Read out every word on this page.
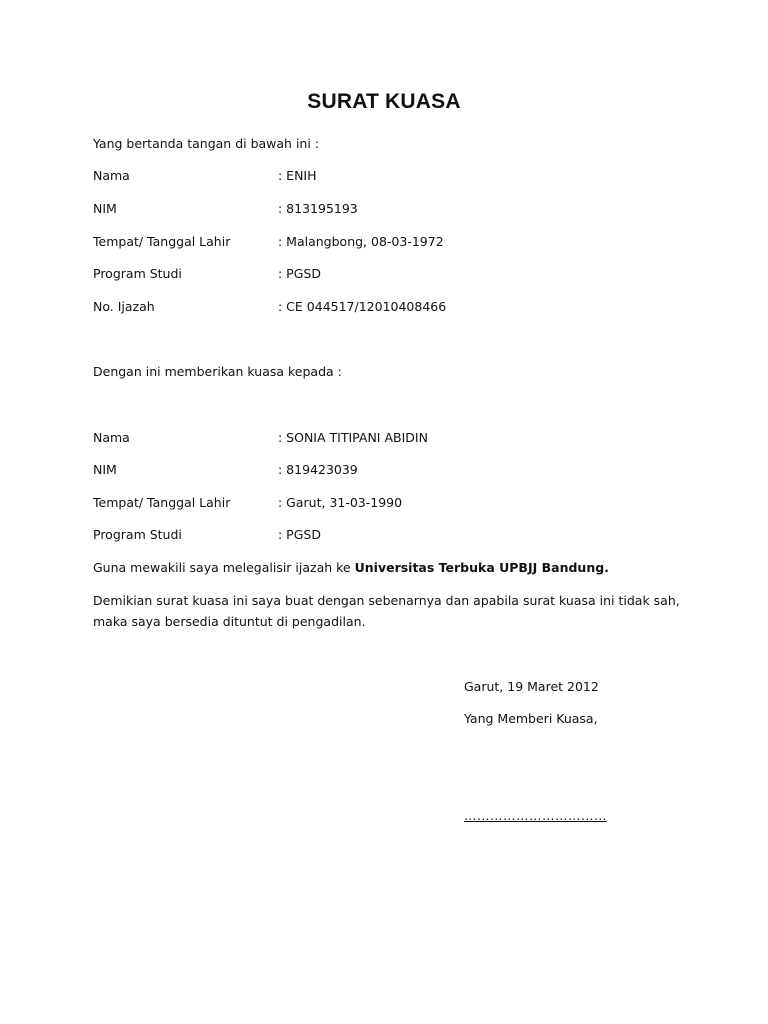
SURAT KUASA
Yang bertanda tangan di bawah ini :
Nama	: ENIH
NIM	: 813195193
Tempat/ Tanggal Lahir	: Malangbong, 08-03-1972
Program Studi	: PGSD
No. Ijazah	: CE 044517/12010408466
Dengan ini memberikan kuasa kepada :
Nama	: SONIA TITIPANI ABIDIN
NIM	: 819423039
Tempat/ Tanggal Lahir	: Garut, 31-03-1990
Program Studi	: PGSD
Guna mewakili saya melegalisir ijazah ke Universitas Terbuka UPBJJ Bandung.
Demikian surat kuasa ini saya buat dengan sebenarnya dan apabila surat kuasa ini tidak sah,
maka saya bersedia dituntut di pengadilan.
Garut, 19 Maret 2012
Yang Memberi Kuasa,
……………………………
